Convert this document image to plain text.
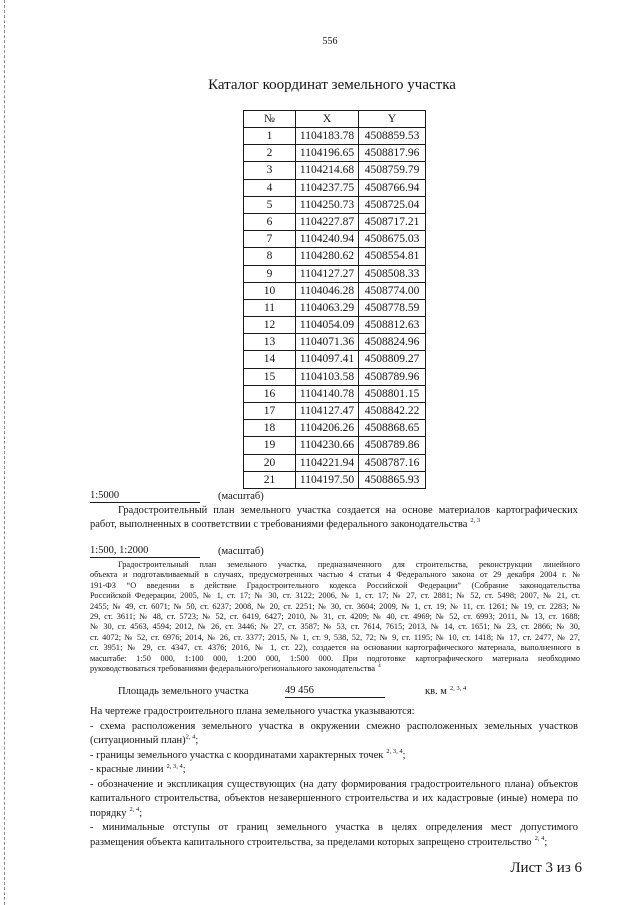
556
Каталог координат земельного участка
№	X	Y
1	1104183.78 4508859.53
2	1104196.65 4508817.96
3	1104214.68 4508759.79
4	1104237.75 4508766.94
5	1104250.73 4508725.04
6	1104227.87 4508717.21
7	1104240.94 4508675.03
8	1104280.62 4508554.81
9	1104127.27 4508508.33
10	1104046.28 4508774.00
11	1104063.29 4508778.59
12	1104054.09 4508812.63
13	1104071.36 4508824.96
14	1104097.41 4508809.27
15	1104103.58 4508789.96
16	1104140.78 4508801.15
17	1104127.47 4508842.22
18	1104206.26 4508868.65
19	1104230.66 4508789.86
20	1104221.94 4508787.16
21	1104197.50 4508865.93
1:5000	(масштаб)
Градостроительный план земельного участка создается на основе материалов картографических
работ, выполненных в соответствии с требованиями федерального законодательства $^{2, 3}$
1:500, 1:2000	(масштаб)
Градостроительный план земельного участка, предназначенного для строительства, реконструкции линейного
объекта и подготавливаемый в случаях, предусмотренных частью 4 статьи 4 Федерального закона от 29 декабря 2004 г. №
191-ФЗ “О введении в действие Градостроительного кодекса Российской Федерации” (Собрание законодательства
Российской Федерации, 2005, № 1, ст. 17; № 30, ст. 3122; 2006, № 1, ст. 17; № 27, ст. 2881; № 52, ст. 5498; 2007, № 21, ст.
2455; № 49, ст. 6071; № 50, ст. 6237; 2008, № 20, ст. 2251; № 30, ст. 3604; 2009, № 1, ст. 19; № 11, ст. 1261; № 19, ст. 2283; №
29, ст. 3611; № 48, ст. 5723; № 52, ст. 6419, 6427; 2010, № 31, ст. 4209; № 40, ст. 4969; № 52, ст. 6993; 2011, № 13, ст. 1688;
№ 30, ст. 4563, 4594; 2012, № 26, ст. 3446; № 27, ст. 3587; № 53, ст. 7614, 7615; 2013, № 14, ст. 1651; № 23, ст. 2866; № 30,
ст. 4072; № 52, ст. 6976; 2014, № 26, ст. 3377; 2015, № 1, ст. 9, 538, 52, 72; № 9, ст. 1195; № 10, ст. 1418; № 17, ст. 2477, № 27,
ст. 3951; № 29, ст. 4347, ст. 4376; 2016, № 1, ст. 22), создается на основании картографического материала, выполненного в
масштабе: 1:50 000, 1:100 000, 1:200 000, 1:500 000. При подготовке картографического материала необходимо
руководствоваться требованиями федерального/регионального законодательства $^4$
Площадь земельного участка	49 456	кв. м $^{2, 3, 4}$
На чертеже градостроительного плана земельного участка указываются:
- схема расположения земельного участка в окружении смежно расположенных земельных участков
(ситуационный план)$^{2, 4}$;
- границы земельного участка с координатами характерных точек $^{2, 3, 4}$;
- красные линии $^{2, 3, 4}$;
- обозначение и экспликация существующих (на дату формирования градостроительного плана) объектов
капитального строительства, объектов незавершенного строительства и их кадастровые (иные) номера по
порядку $^{2, 4}$;
- минимальные отступы от границ земельного участка в целях определения мест допустимого
размещения объекта капитального строительства, за пределами которых запрещено строительство $^{2, 4}$;
Лист 3 из 6
